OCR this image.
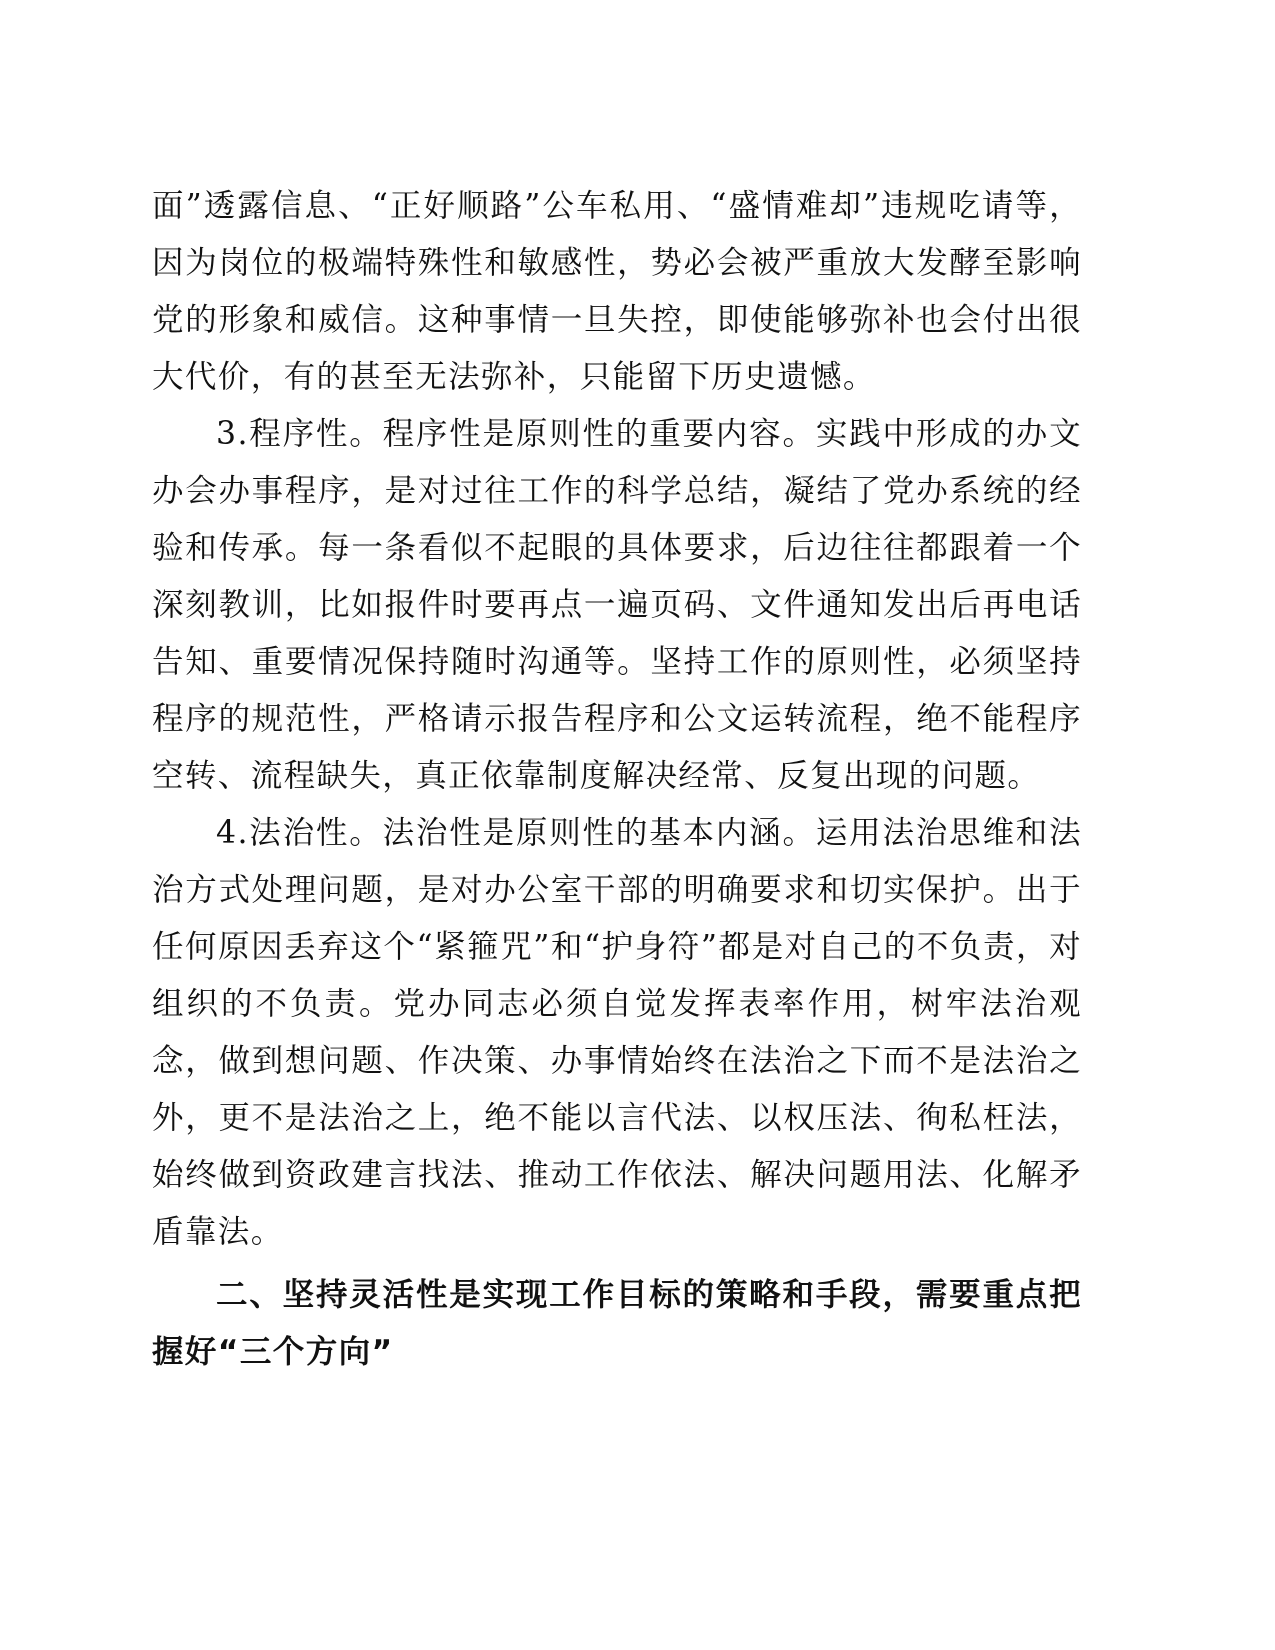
面”透露信息、“正好顺路”公车私用、“盛情难却”违规吃请等，因为岗位的极端特殊性和敏感性，势必会被严重放大发酵至影响党的形象和威信。这种事情一旦失控，即使能够弥补也会付出很大代价，有的甚至无法弥补，只能留下历史遗憾。

3.程序性。程序性是原则性的重要内容。实践中形成的办文办会办事程序，是对过往工作的科学总结，凝结了党办系统的经验和传承。每一条看似不起眼的具体要求，后边往往都跟着一个深刻教训，比如报件时要再点一遍页码、文件通知发出后再电话告知、重要情况保持随时沟通等。坚持工作的原则性，必须坚持程序的规范性，严格请示报告程序和公文运转流程，绝不能程序空转、流程缺失，真正依靠制度解决经常、反复出现的问题。

4.法治性。法治性是原则性的基本内涵。运用法治思维和法治方式处理问题，是对办公室干部的明确要求和切实保护。出于任何原因丢弃这个“紧箍咒”和“护身符”都是对自己的不负责，对组织的不负责。党办同志必须自觉发挥表率作用，树牢法治观念，做到想问题、作决策、办事情始终在法治之下而不是法治之外，更不是法治之上，绝不能以言代法、以权压法、徇私枉法，始终做到资政建言找法、推动工作依法、解决问题用法、化解矛盾靠法。

二、坚持灵活性是实现工作目标的策略和手段，需要重点把握好“三个方向”
